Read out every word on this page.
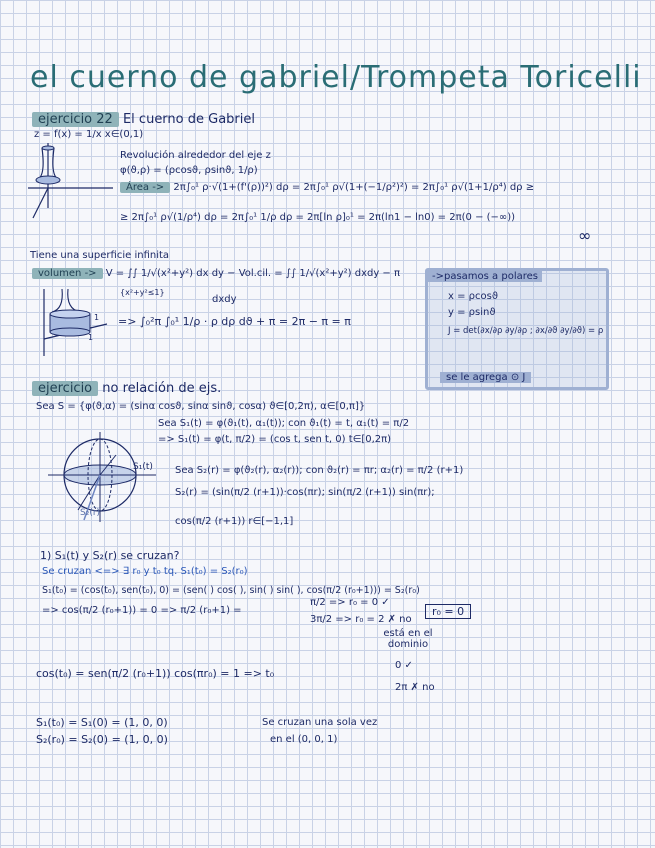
el cuerno de gabriel/Trompeta Toricelli
ejercicio 22 El cuerno de Gabriel
z = f(x) = 1/x x∈(0,1)
Revolución alrededor del eje z
φ(ϑ,ρ) = (ρcosϑ, ρsinϑ, 1/ρ)
Área -> 2π∫₀¹ ρ·√(1+(f'(ρ))²) dρ = 2π∫₀¹ ρ√(1+(−1/ρ²)²) = 2π∫₀¹ ρ√(1+1/ρ⁴) dρ ≥
≥ 2π∫₀¹ ρ√(1/ρ⁴) dρ = 2π∫₀¹ 1/ρ dρ = 2π[ln ρ]₀¹ = 2π(ln1 − ln0) = 2π(0 − (−∞))
∞
Tiene una superficie infinita
volumen -> V = ∫∫ 1/√(x²+y²) dx dy − Vol.cil. = ∫∫ 1/√(x²+y²) dxdy − π
{x²+y²≤1}
->pasamos a polares
x = ρcosϑ
y = ρsinϑ
J = det(∂x/∂ρ ∂y/∂ρ ; ∂x/∂ϑ ∂y/∂ϑ) = ρ
se le agrega ⊙ J
1
1
dxdy
=> ∫₀²π ∫₀¹ 1/ρ · ρ dρ dϑ + π = 2π − π = π
ejercicio no relación de ejs.
Sea S = {φ(ϑ,α) = (sinα cosϑ, sinα sinϑ, cosα) ϑ∈[0,2π), α∈[0,π]}
Sea S₁(t) = φ(ϑ₁(t), α₁(t)); con ϑ₁(t) = t, α₁(t) = π/2
=> S₁(t) = φ(t, π/2) = (cos t, sen t, 0) t∈[0,2π)
S₁(t)
S₂(r)
Sea S₂(r) = φ(ϑ₂(r), α₂(r)); con ϑ₂(r) = πr; α₂(r) = π/2 (r+1)
S₂(r) = (sin(π/2 (r+1))·cos(πr); sin(π/2 (r+1)) sin(πr);
cos(π/2 (r+1)) r∈[−1,1]
1) S₁(t) y S₂(r) se cruzan?
Se cruzan <=> ∃ r₀ y t₀ tq. S₁(t₀) = S₂(r₀)
S₁(t₀) = (cos(t₀), sen(t₀), 0) = (sen( ) cos( ), sin( ) sin( ), cos(π/2 (r₀+1))) = S₂(r₀)
=> cos(π/2 (r₀+1)) = 0 => π/2 (r₀+1) =
π/2 => r₀ = 0 ✓
3π/2 => r₀ = 2 ✗ no
r₀ = 0
está en el dominio
cos(t₀) = sen(π/2 (r₀+1)) cos(πr₀) = 1 => t₀
0 ✓
2π ✗ no
S₁(t₀) = S₁(0) = (1, 0, 0)
S₂(r₀) = S₂(0) = (1, 0, 0)
Se cruzan una sola vez
en el (0, 0, 1)
